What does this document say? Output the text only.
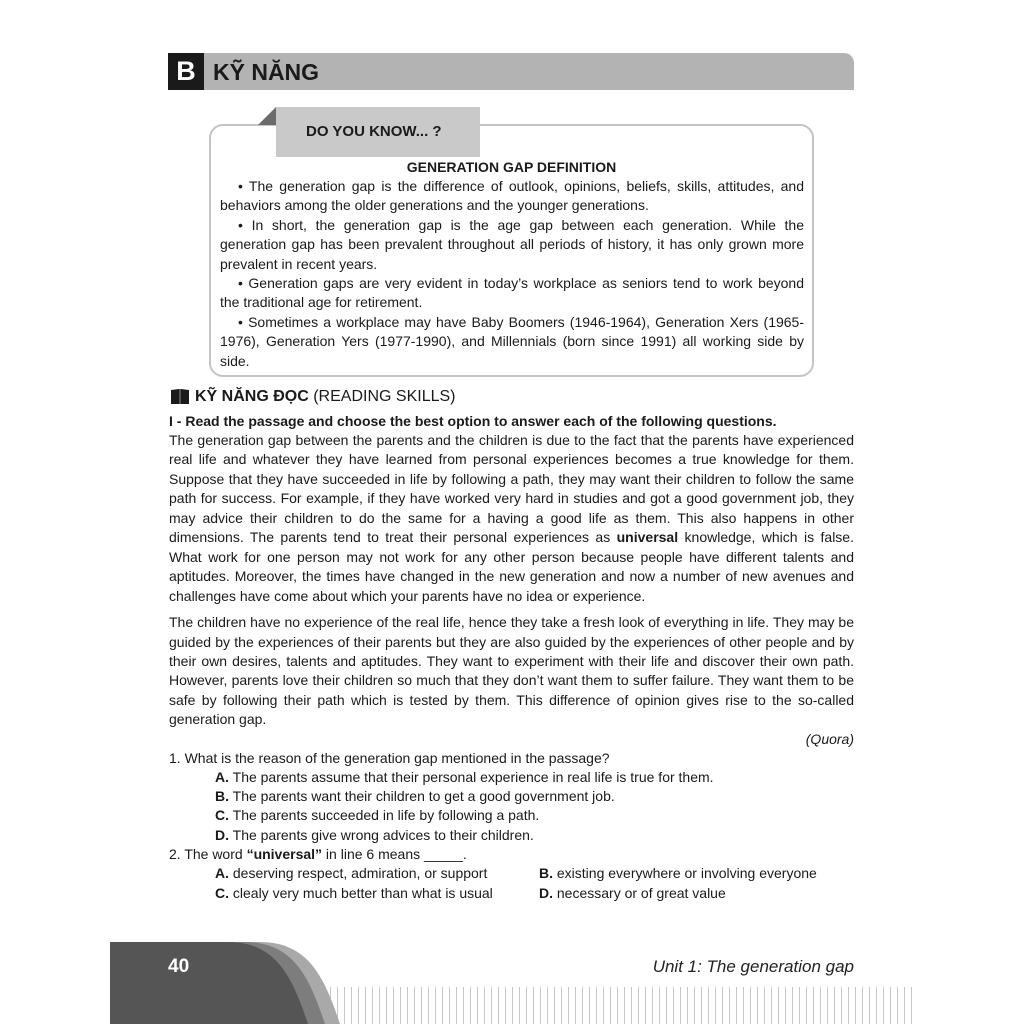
B KỸ NĂNG
DO YOU KNOW... ?
GENERATION GAP DEFINITION

• The generation gap is the difference of outlook, opinions, beliefs, skills, attitudes, and behaviors among the older generations and the younger generations.

• In short, the generation gap is the age gap between each generation. While the generation gap has been prevalent throughout all periods of history, it has only grown more prevalent in recent years.

• Generation gaps are very evident in today’s workplace as seniors tend to work beyond the traditional age for retirement.

• Sometimes a workplace may have Baby Boomers (1946-1964), Generation Xers (1965-1976), Generation Yers (1977-1990), and Millennials (born since 1991) all working side by side.

KỸ NĂNG ĐỌC (READING SKILLS)
I - Read the passage and choose the best option to answer each of the following questions.

The generation gap between the parents and the children is due to the fact that the parents have experienced real life and whatever they have learned from personal experiences becomes a true knowledge for them. Suppose that they have succeeded in life by following a path, they may want their children to follow the same path for success. For example, if they have worked very hard in studies and got a good government job, they may advice their children to do the same for a having a good life as them. This also happens in other dimensions. The parents tend to treat their personal experiences as universal knowledge, which is false. What work for one person may not work for any other person because people have different talents and aptitudes. Moreover, the times have changed in the new generation and now a number of new avenues and challenges have come about which your parents have no idea or experience.

The children have no experience of the real life, hence they take a fresh look of everything in life. They may be guided by the experiences of their parents but they are also guided by the experiences of other people and by their own desires, talents and aptitudes. They want to experiment with their life and discover their own path. However, parents love their children so much that they don’t want them to suffer failure. They want them to be safe by following their path which is tested by them. This difference of opinion gives rise to the so-called generation gap.

(Quora)
1. What is the reason of the generation gap mentioned in the passage?
A. The parents assume that their personal experience in real life is true for them.
B. The parents want their children to get a good government job.
C. The parents succeeded in life by following a path.
D. The parents give wrong advices to their children.
2. The word “universal” in line 6 means _____.
A. deserving respect, admiration, or support	B. existing everywhere or involving everyone
C. clealy very much better than what is usual	D. necessary or of great value
40	Unit 1: The generation gap
